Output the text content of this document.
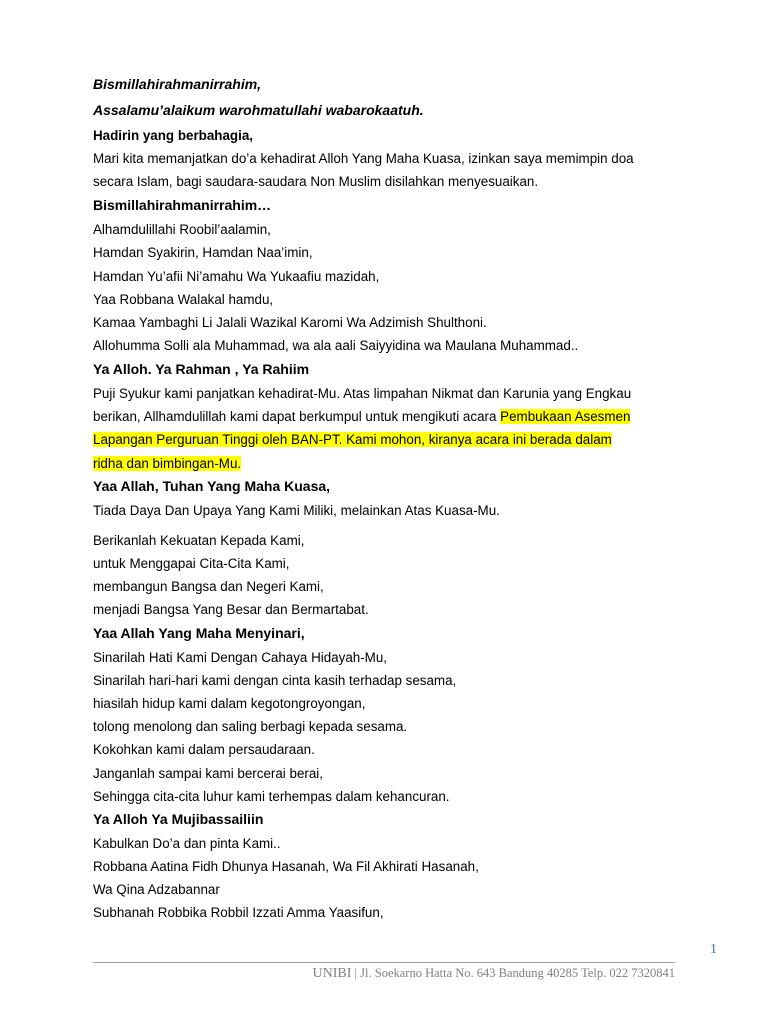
Bismillahirahmanirrahim,
Assalamu’alaikum warohmatullahi wabarokaatuh.
Hadirin yang berbahagia,
Mari kita memanjatkan do’a kehadirat Alloh Yang Maha Kuasa, izinkan saya memimpin doa
secara Islam, bagi saudara-saudara Non Muslim disilahkan menyesuaikan.
Bismillahirahmanirrahim…
Alhamdulillahi Roobil’aalamin,
Hamdan Syakirin, Hamdan Naa’imin,
Hamdan Yu’afii Ni’amahu Wa Yukaafiu mazidah,
Yaa Robbana Walakal hamdu,
Kamaa Yambaghi Li Jalali Wazikal Karomi Wa Adzimish Shulthoni.
Allohumma Solli ala Muhammad, wa ala aali Saiyyidina wa Maulana Muhammad..
Ya Alloh. Ya Rahman , Ya Rahiim
Puji Syukur kami panjatkan kehadirat-Mu. Atas limpahan Nikmat dan Karunia yang Engkau
berikan, Allhamdulillah kami dapat berkumpul untuk mengikuti acara Pembukaan Asesmen
Lapangan Perguruan Tinggi oleh BAN-PT. Kami mohon, kiranya acara ini berada dalam
ridha dan bimbingan-Mu.
Yaa Allah, Tuhan Yang Maha Kuasa,
Tiada Daya Dan Upaya Yang Kami Miliki, melainkan Atas Kuasa-Mu.
Berikanlah Kekuatan Kepada Kami,
untuk Menggapai Cita-Cita Kami,
membangun Bangsa dan Negeri Kami,
menjadi Bangsa Yang Besar dan Bermartabat.
Yaa Allah Yang Maha Menyinari,
Sinarilah Hati Kami Dengan Cahaya Hidayah-Mu,
Sinarilah hari-hari kami dengan cinta kasih terhadap sesama,
hiasilah hidup kami dalam kegotongroyongan,
tolong menolong dan saling berbagi kepada sesama.
Kokohkan kami dalam persaudaraan.
Janganlah sampai kami bercerai berai,
Sehingga cita-cita luhur kami terhempas dalam kehancuran.
Ya Alloh Ya Mujibassailiin
Kabulkan Do’a dan pinta Kami..
Robbana Aatina Fidh Dhunya Hasanah, Wa Fil Akhirati Hasanah,
Wa Qina Adzabannar
Subhanah Robbika Robbil Izzati Amma Yaasifun,
1
UNIBI | Jl. Soekarno Hatta No. 643 Bandung 40285 Telp. 022 7320841
